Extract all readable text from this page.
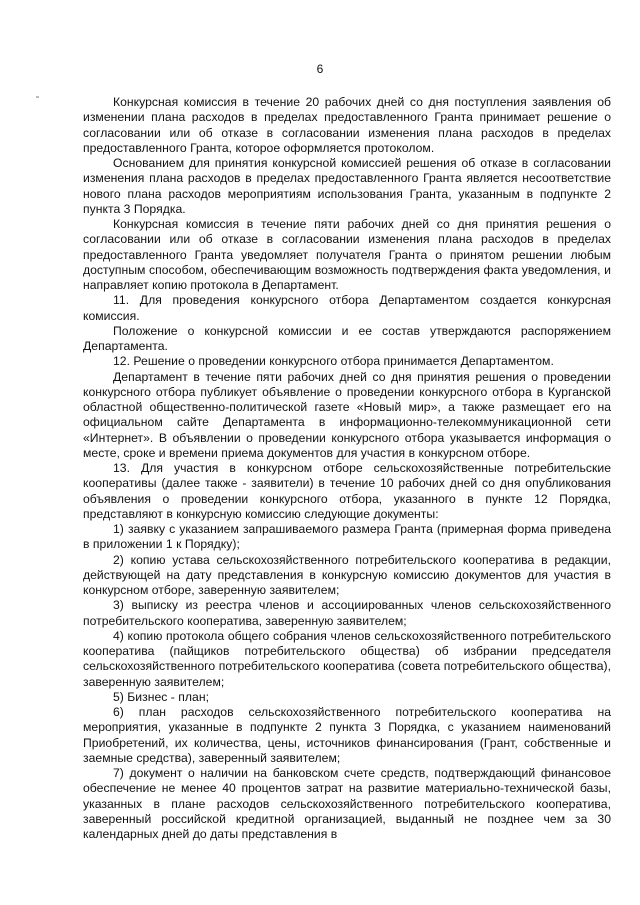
6

Конкурсная комиссия в течение 20 рабочих дней со дня поступления заявления об изменении плана расходов в пределах предоставленного Гранта принимает решение о согласовании или об отказе в согласовании изменения плана расходов в пределах предоставленного Гранта, которое оформляется протоколом.

Основанием для принятия конкурсной комиссией решения об отказе в согласовании изменения плана расходов в пределах предоставленного Гранта является несоответствие нового плана расходов мероприятиям использования Гранта, указанным в подпункте 2 пункта 3 Порядка.

Конкурсная комиссия в течение пяти рабочих дней со дня принятия решения о согласовании или об отказе в согласовании изменения плана расходов в пределах предоставленного Гранта уведомляет получателя Гранта о принятом решении любым доступным способом, обеспечивающим возможность подтверждения факта уведомления, и направляет копию протокола в Департамент.

11. Для проведения конкурсного отбора Департаментом создается конкурсная комиссия.

Положение о конкурсной комиссии и ее состав утверждаются распоряжением Департамента.

12. Решение о проведении конкурсного отбора принимается Департаментом.

Департамент в течение пяти рабочих дней со дня принятия решения о проведении конкурсного отбора публикует объявление о проведении конкурсного отбора в Курганской областной общественно-политической газете «Новый мир», а также размещает его на официальном сайте Департамента в информационно-телекоммуникационной сети «Интернет». В объявлении о проведении конкурсного отбора указывается информация о месте, сроке и времени приема документов для участия в конкурсном отборе.

13. Для участия в конкурсном отборе сельскохозяйственные потребительские кооперативы (далее также - заявители) в течение 10 рабочих дней со дня опубликования объявления о проведении конкурсного отбора, указанного в пункте 12 Порядка, представляют в конкурсную комиссию следующие документы:

1) заявку с указанием запрашиваемого размера Гранта (примерная форма приведена в приложении 1 к Порядку);

2) копию устава сельскохозяйственного потребительского кооператива в редакции, действующей на дату представления в конкурсную комиссию документов для участия в конкурсном отборе, заверенную заявителем;

3) выписку из реестра членов и ассоциированных членов сельскохозяйственного потребительского кооператива, заверенную заявителем;

4) копию протокола общего собрания членов сельскохозяйственного потребительского кооператива (пайщиков потребительского общества) об избрании председателя сельскохозяйственного потребительского кооператива (совета потребительского общества), заверенную заявителем;

5) Бизнес - план;

6) план расходов сельскохозяйственного потребительского кооператива на мероприятия, указанные в подпункте 2 пункта 3 Порядка, с указанием наименований Приобретений, их количества, цены, источников финансирования (Грант, собственные и заемные средства), заверенный заявителем;

7) документ о наличии на банковском счете средств, подтверждающий финансовое обеспечение не менее 40 процентов затрат на развитие материально-технической базы, указанных в плане расходов сельскохозяйственного потребительского кооператива, заверенный российской кредитной организацией, выданный не позднее чем за 30 календарных дней до даты представления в
